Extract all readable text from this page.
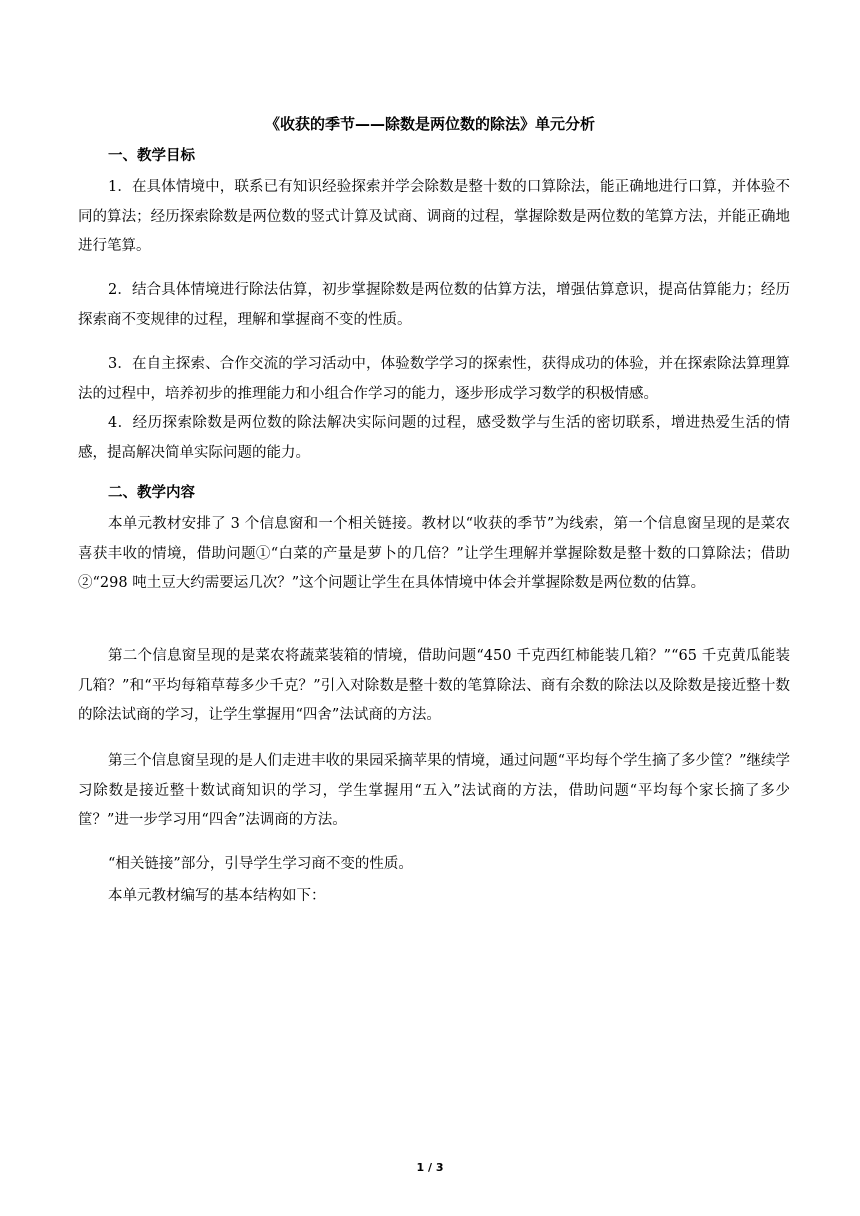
《收获的季节——除数是两位数的除法》单元分析
一、教学目标

1．在具体情境中，联系已有知识经验探索并学会除数是整十数的口算除法，能正确地进行口算，并体验不同的算法；经历探索除数是两位数的竖式计算及试商、调商的过程，掌握除数是两位数的笔算方法，并能正确地进行笔算。

2．结合具体情境进行除法估算，初步掌握除数是两位数的估算方法，增强估算意识，提高估算能力；经历探索商不变规律的过程，理解和掌握商不变的性质。

3．在自主探索、合作交流的学习活动中，体验数学学习的探索性，获得成功的体验，并在探索除法算理算法的过程中，培养初步的推理能力和小组合作学习的能力，逐步形成学习数学的积极情感。

4．经历探索除数是两位数的除法解决实际问题的过程，感受数学与生活的密切联系，增进热爱生活的情感，提高解决简单实际问题的能力。

二、教学内容

本单元教材安排了 3 个信息窗和一个相关链接。教材以“收获的季节”为线索，第一个信息窗呈现的是菜农喜获丰收的情境，借助问题①“白菜的产量是萝卜的几倍？”让学生理解并掌握除数是整十数的口算除法；借助②“298 吨土豆大约需要运几次？”这个问题让学生在具体情境中体会并掌握除数是两位数的估算。

第二个信息窗呈现的是菜农将蔬菜装箱的情境，借助问题“450 千克西红柿能装几箱？”“65 千克黄瓜能装几箱？”和“平均每箱草莓多少千克？”引入对除数是整十数的笔算除法、商有余数的除法以及除数是接近整十数的除法试商的学习，让学生掌握用“四舍”法试商的方法。

第三个信息窗呈现的是人们走进丰收的果园采摘苹果的情境，通过问题“平均每个学生摘了多少筐？”继续学习除数是接近整十数试商知识的学习，学生掌握用“五入”法试商的方法，借助问题“平均每个家长摘了多少筐？”进一步学习用“四舍”法调商的方法。

“相关链接”部分，引导学生学习商不变的性质。

本单元教材编写的基本结构如下：

1 / 3
